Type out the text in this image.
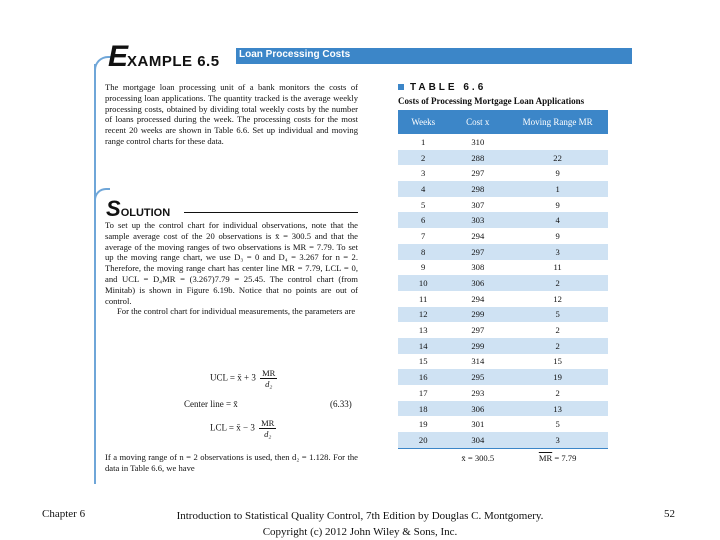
EXAMPLE 6.5 Loan Processing Costs

The mortgage loan processing unit of a bank monitors the costs of processing loan applications. The quantity tracked is the average weekly processing costs, obtained by dividing total weekly costs by the number of loans processed during the week. The processing costs for the most recent 20 weeks are shown in Table 6.6. Set up individual and moving range control charts for these data.

SOLUTION

To set up the control chart for individual observations, note that the sample average cost of the 20 observations is x̄ = 300.5 and that the average of the moving ranges of two observations is MR = 7.79. To set up the moving range chart, we use D₃ = 0 and D₄ = 3.267 for n = 2. Therefore, the moving range chart has center line MR = 7.79, LCL = 0, and UCL = D₄MR = (3.267)7.79 = 25.45. The control chart (from Minitab) is shown in Figure 6.19b. Notice that no points are out of control.

For the control chart for individual measurements, the parameters are

UCL = x̄ + $3 \frac{MR}{\text{d₂}}$
Center line = x̄	(6.33)
LCL = x̄ − $3 \frac{MR}{\text{d₂}}$
If a moving range of n = 2 observations is used, then d₂ = 1.128. For the data in Table 6.6, we have
TABLE 6.6
Costs of Processing Mortgage Loan Applications
Weeks	Cost x	Moving Range MR
1	310	
2	288	22
3	297	9
4	298	1
5	307	9
6	303	4
7	294	9
8	297	3
9	308	11
10	306	2
11	294	12
12	299	5
13	297	2
14	299	2
15	314	15
16	295	19
17	293	2
18	306	13
19	301	5
20	304	3
	x̄ = 300.5	$\overline{MR} = 7.79$
Chapter 6	Introduction to Statistical Quality Control, 7th Edition by Douglas C. Montgomery.
Copyright (c) 2012 John Wiley & Sons, Inc.
52
